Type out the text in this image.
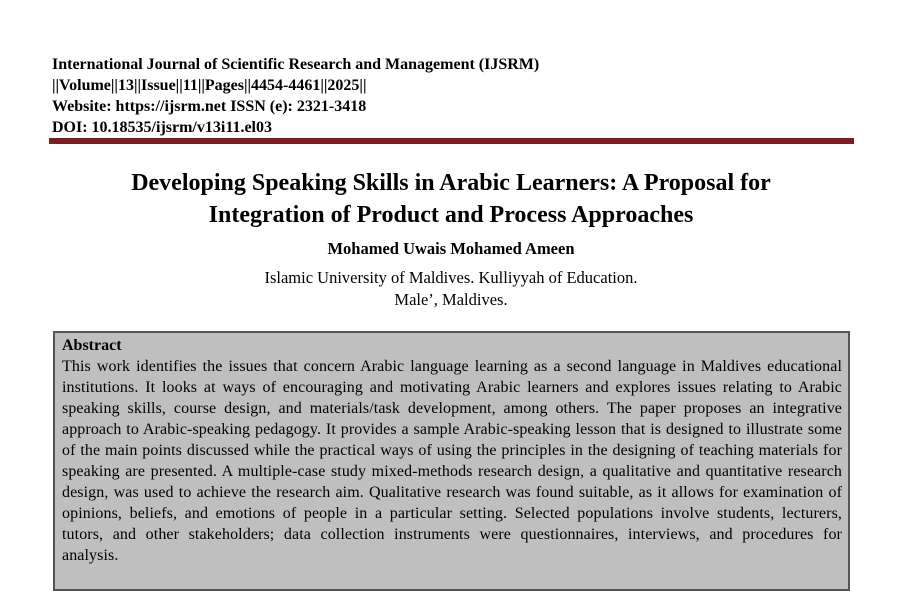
International Journal of Scientific Research and Management (IJSRM)
||Volume||13||Issue||11||Pages||4454-4461||2025||
Website: https://ijsrm.net ISSN (e): 2321-3418
DOI: 10.18535/ijsrm/v13i11.el03
Developing Speaking Skills in Arabic Learners: A Proposal for
Integration of Product and Process Approaches
Mohamed Uwais Mohamed Ameen
Islamic University of Maldives. Kulliyyah of Education.
Male’, Maldives.
Abstract

This work identifies the issues that concern Arabic language learning as a second language in Maldives educational institutions. It looks at ways of encouraging and motivating Arabic learners and explores issues relating to Arabic speaking skills, course design, and materials/task development, among others. The paper proposes an integrative approach to Arabic-speaking pedagogy. It provides a sample Arabic-speaking lesson that is designed to illustrate some of the main points discussed while the practical ways of using the principles in the designing of teaching materials for speaking are presented. A multiple-case study mixed-methods research design, a qualitative and quantitative research design, was used to achieve the research aim. Qualitative research was found suitable, as it allows for examination of opinions, beliefs, and emotions of people in a particular setting. Selected populations involve students, lecturers, tutors, and other stakeholders; data collection instruments were questionnaires, interviews, and procedures for analysis.
